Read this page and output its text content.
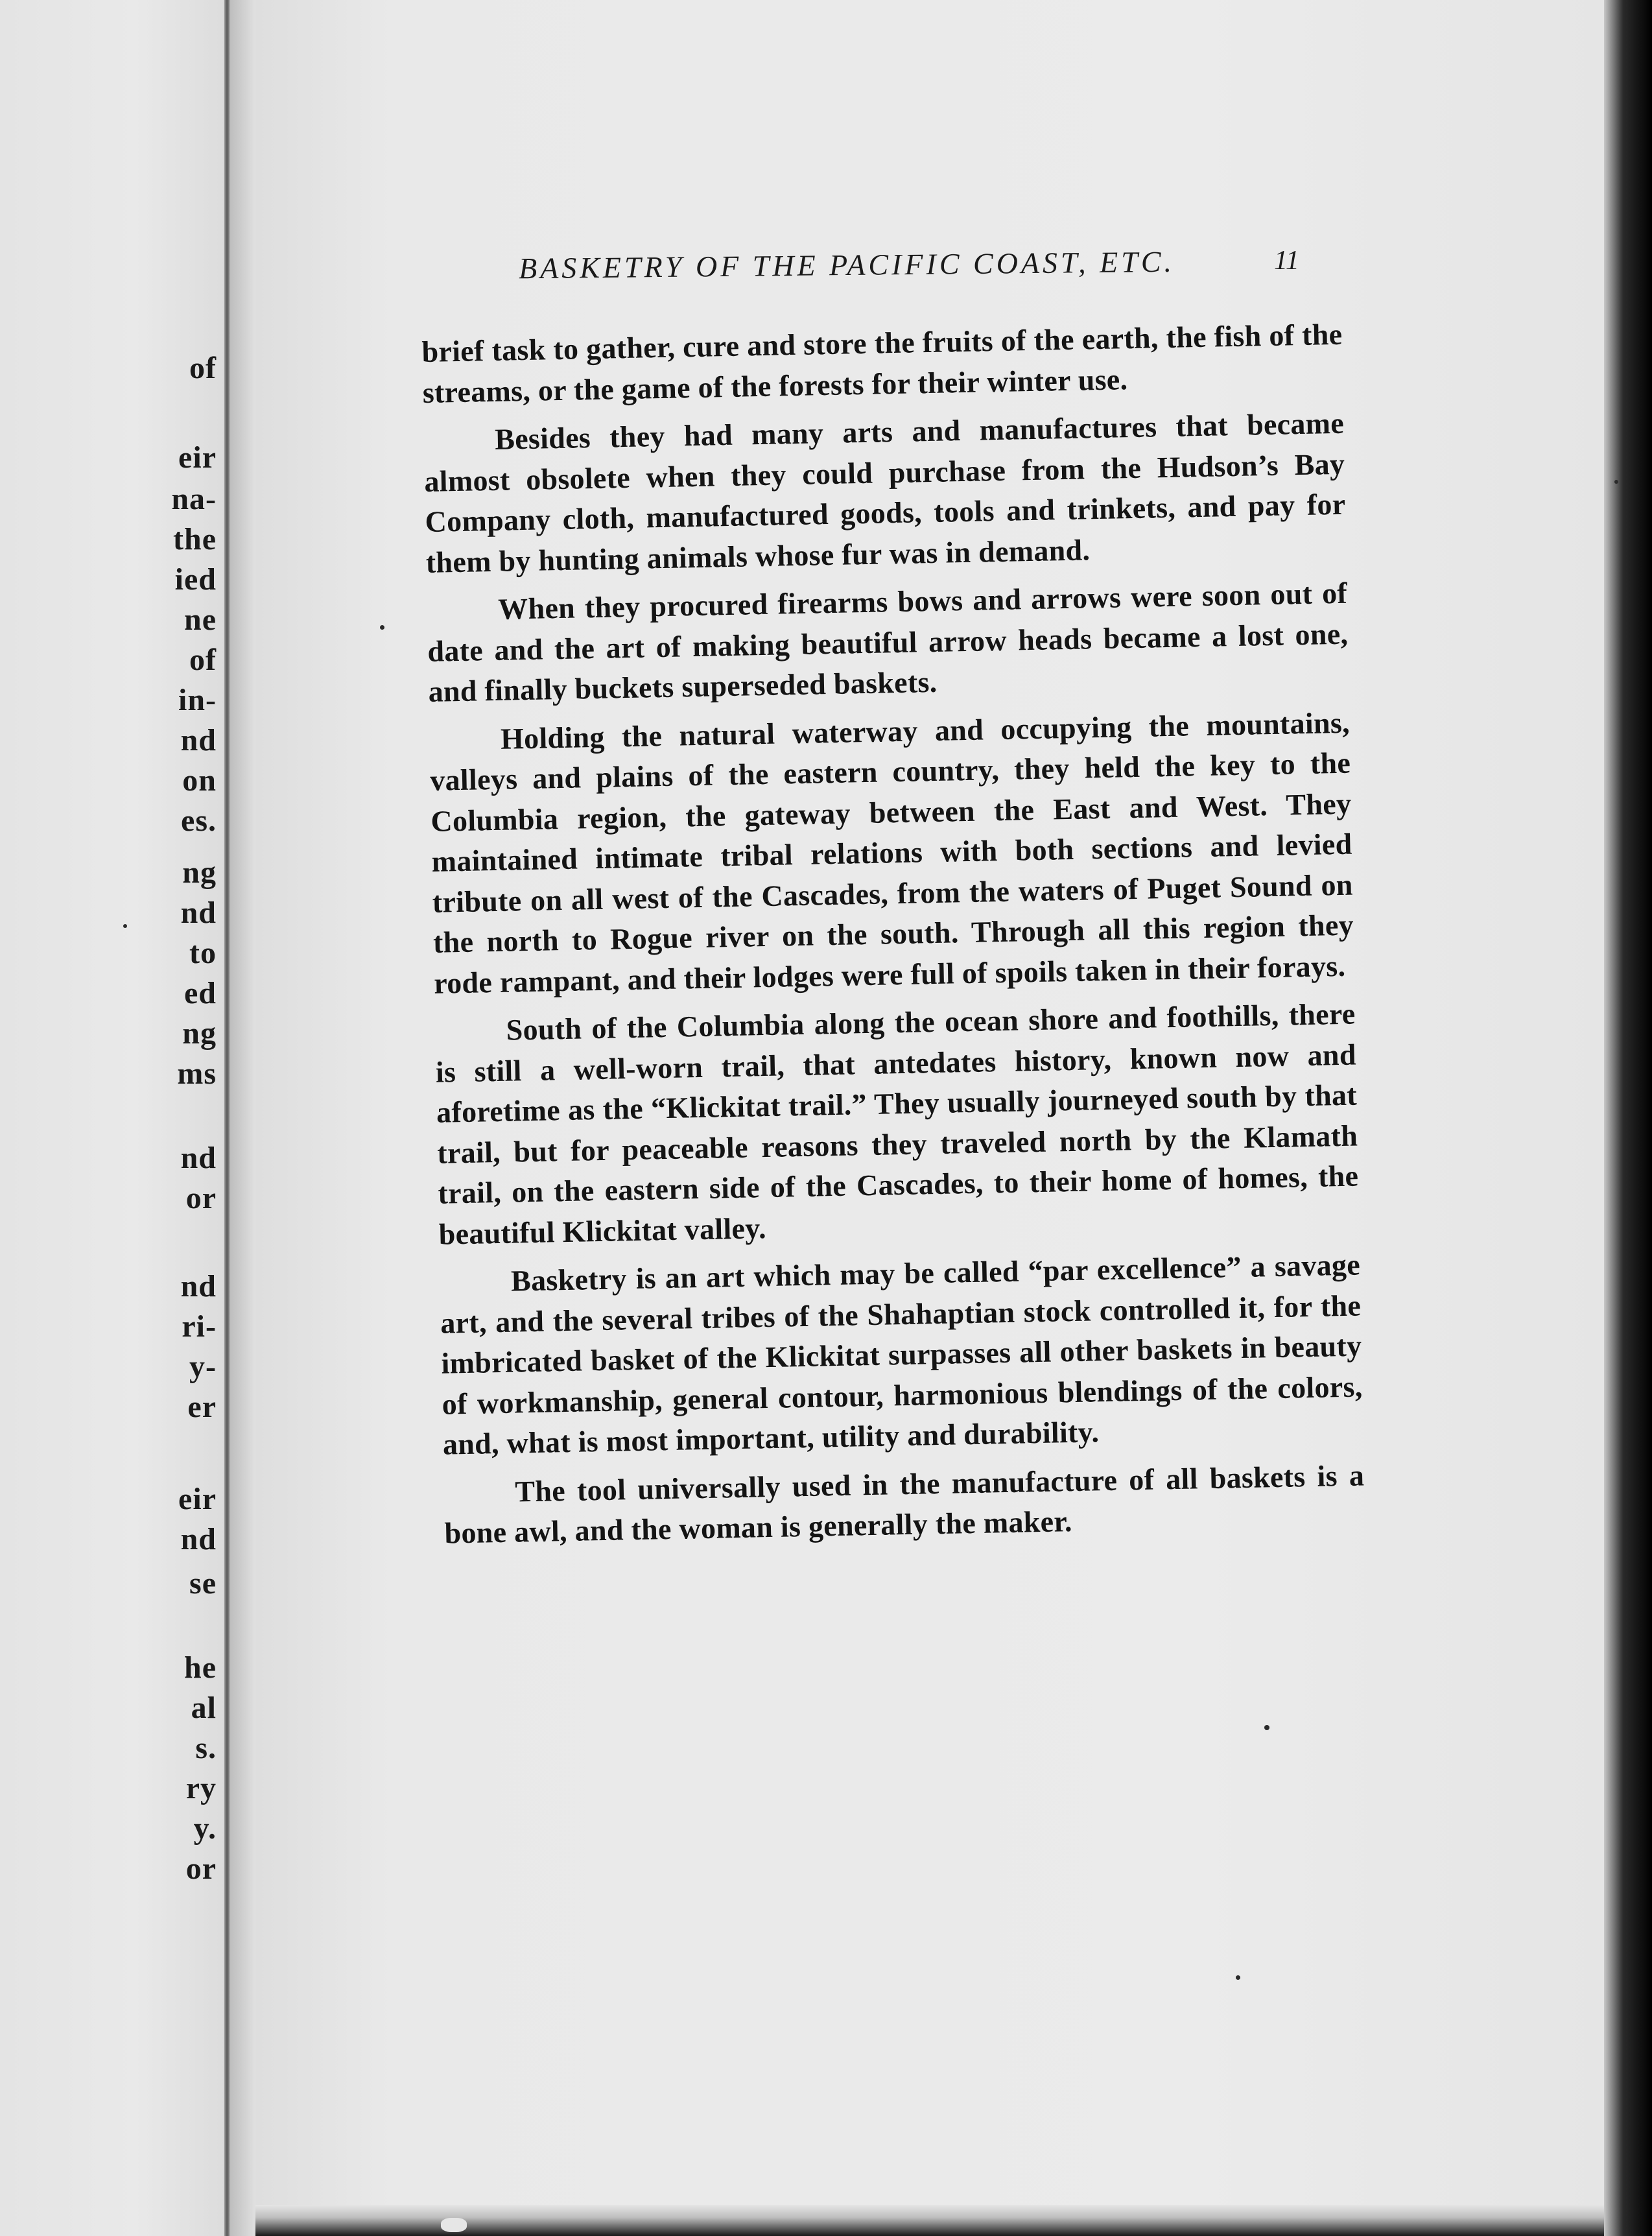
of
eir
na-
the
ied
ne
of
in-
nd
on
es.
ng
nd
to
ed
ng
ms
nd
or
nd
ri-
y-
er
eir
nd
se
he
al
s.
ry
y.
or
BASKETRY OF THE PACIFIC COAST, ETC.	11

brief task to gather, cure and store the fruits of the earth, the fish of the streams, or the game of the forests for their winter use.

Besides they had many arts and manufactures that became almost obsolete when they could purchase from the Hudson’s Bay Company cloth, manufactured goods, tools and trinkets, and pay for them by hunting animals whose fur was in demand.

When they procured firearms bows and arrows were soon out of date and the art of making beautiful arrow heads became a lost one, and finally buckets superseded baskets.

Holding the natural waterway and occupying the mountains, valleys and plains of the eastern country, they held the key to the Columbia region, the gateway between the East and West. They maintained intimate tribal relations with both sections and levied tribute on all west of the Cascades, from the waters of Puget Sound on the north to Rogue river on the south. Through all this region they rode rampant, and their lodges were full of spoils taken in their forays.

South of the Columbia along the ocean shore and foothills, there is still a well-worn trail, that antedates history, known now and aforetime as the “Klickitat trail.” They usually journeyed south by that trail, but for peaceable reasons they traveled north by the Klamath trail, on the eastern side of the Cascades, to their home of homes, the beautiful Klickitat valley.

Basketry is an art which may be called “par excellence” a savage art, and the several tribes of the Shahaptian stock controlled it, for the imbricated basket of the Klickitat surpasses all other baskets in beauty of workmanship, general contour, harmonious blendings of the colors, and, what is most important, utility and durability.

The tool universally used in the manufacture of all baskets is a bone awl, and the woman is generally the maker.
